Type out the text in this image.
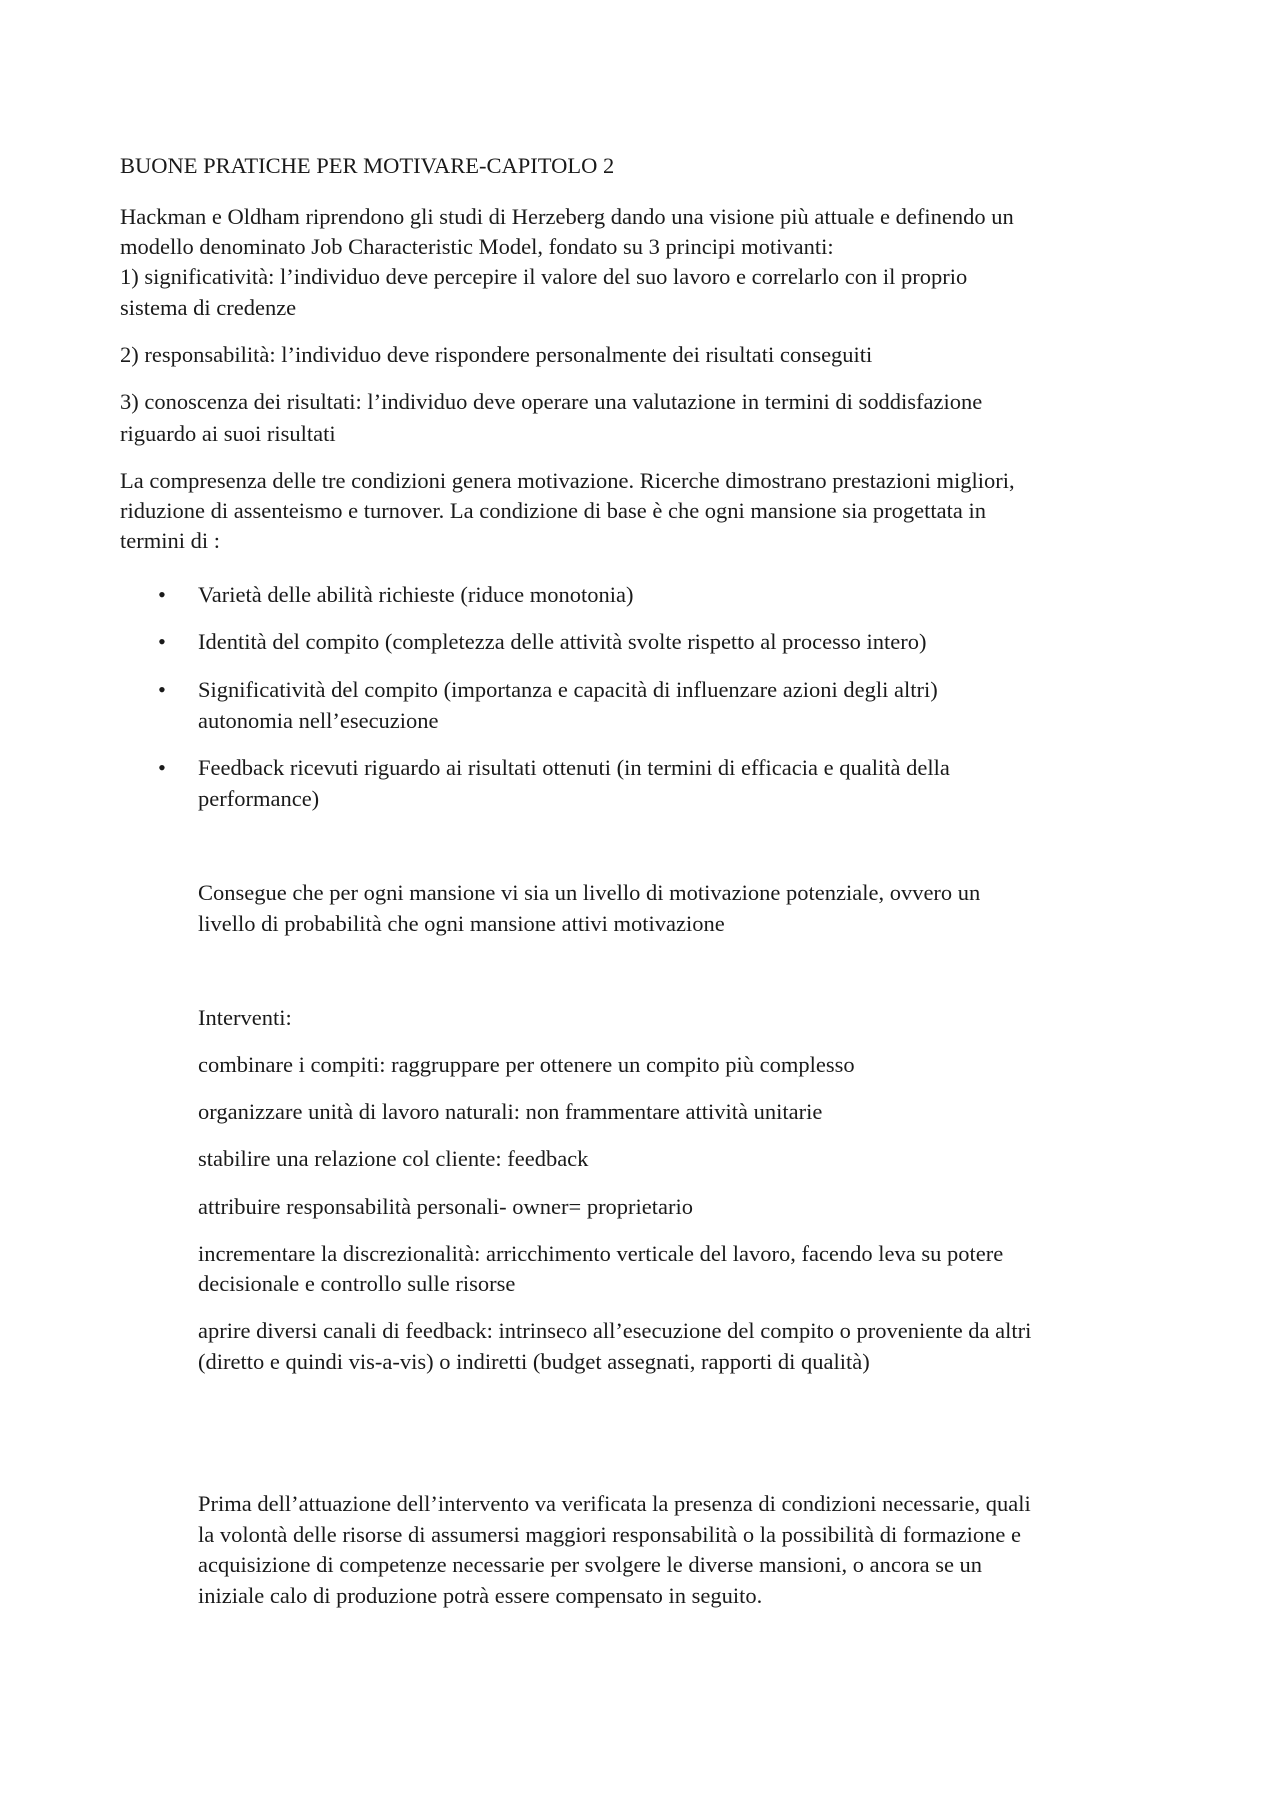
BUONE PRATICHE PER MOTIVARE-CAPITOLO 2

Hackman e Oldham riprendono gli studi di Herzeberg dando una visione più attuale e definendo un

modello denominato Job Characteristic Model, fondato su 3 principi motivanti:

1) significatività: l’individuo deve percepire il valore del suo lavoro e correlarlo con il proprio

sistema di credenze

2) responsabilità: l’individuo deve rispondere personalmente dei risultati conseguiti

3) conoscenza dei risultati: l’individuo deve operare una valutazione in termini di soddisfazione

riguardo ai suoi risultati

La compresenza delle tre condizioni genera motivazione. Ricerche dimostrano prestazioni migliori,

riduzione di assenteismo e turnover. La condizione di base è che ogni mansione sia progettata in

termini di :

• Varietà delle abilità richieste (riduce monotonia)

• Identità del compito (completezza delle attività svolte rispetto al processo intero)

• Significatività del compito (importanza e capacità di influenzare azioni degli altri)

autonomia nell’esecuzione

• Feedback ricevuti riguardo ai risultati ottenuti (in termini di efficacia e qualità della

performance)

Consegue che per ogni mansione vi sia un livello di motivazione potenziale, ovvero un

livello di probabilità che ogni mansione attivi motivazione

Interventi:

combinare i compiti: raggruppare per ottenere un compito più complesso

organizzare unità di lavoro naturali: non frammentare attività unitarie

stabilire una relazione col cliente: feedback

attribuire responsabilità personali- owner= proprietario

incrementare la discrezionalità: arricchimento verticale del lavoro, facendo leva su potere

decisionale e controllo sulle risorse

aprire diversi canali di feedback: intrinseco all’esecuzione del compito o proveniente da altri

(diretto e quindi vis-a-vis) o indiretti (budget assegnati, rapporti di qualità)

Prima dell’attuazione dell’intervento va verificata la presenza di condizioni necessarie, quali

la volontà delle risorse di assumersi maggiori responsabilità o la possibilità di formazione e

acquisizione di competenze necessarie per svolgere le diverse mansioni, o ancora se un

iniziale calo di produzione potrà essere compensato in seguito.
